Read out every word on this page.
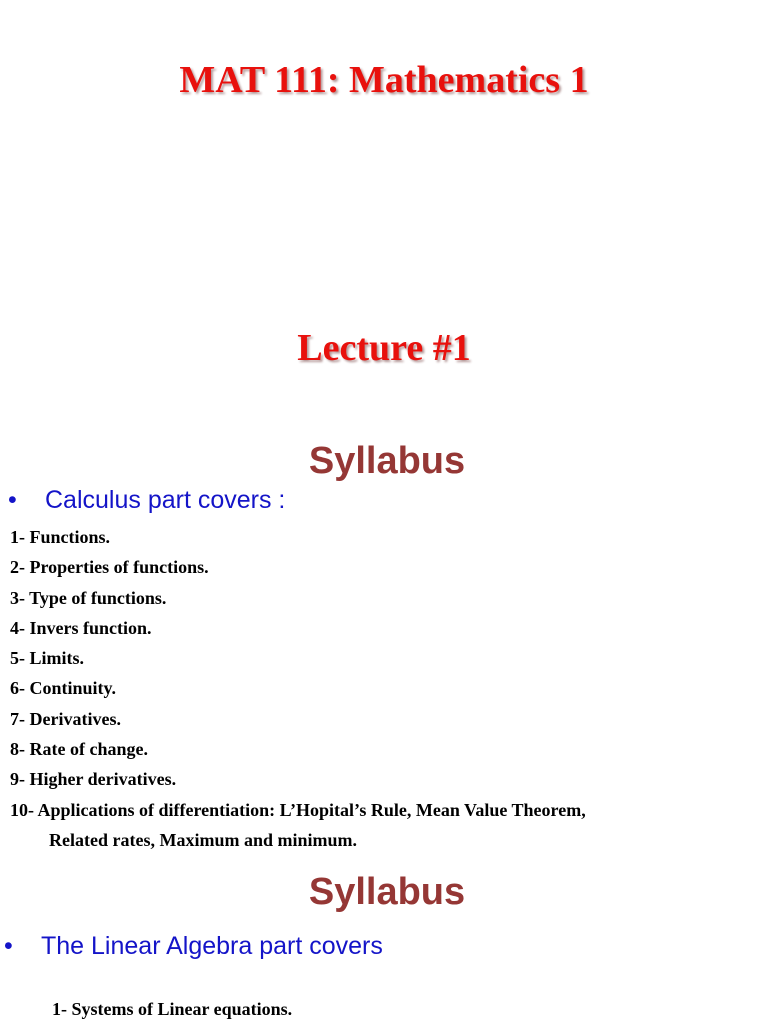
MAT 111: Mathematics 1
Lecture #1
Syllabus
• Calculus part covers :
1- Functions.
2- Properties of functions.
3- Type of functions.
4- Invers function.
5- Limits.
6- Continuity.
7- Derivatives.
8- Rate of change.
9- Higher derivatives.
10- Applications of differentiation: L’Hopital’s Rule, Mean Value Theorem,
Related rates, Maximum and minimum.
Syllabus
• The Linear Algebra part covers
1- Systems of Linear equations.
